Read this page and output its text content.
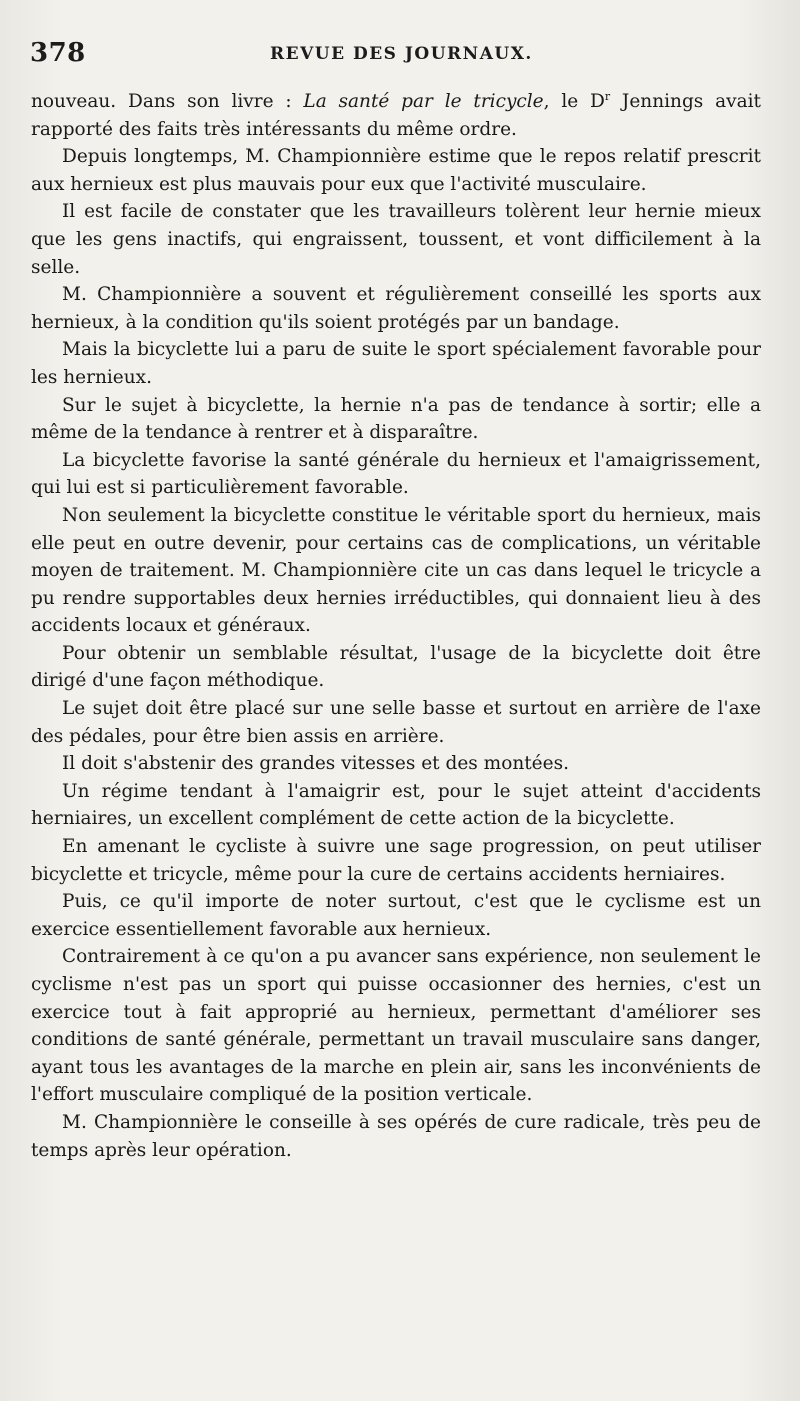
378	REVUE DES JOURNAUX.

nouveau. Dans son livre : La santé par le tricycle, le $D^r$ Jennings avait rapporté des faits très intéressants du même ordre.

Depuis longtemps, M. Championnière estime que le repos relatif prescrit aux hernieux est plus mauvais pour eux que l'activité musculaire.

Il est facile de constater que les travailleurs tolèrent leur hernie mieux que les gens inactifs, qui engraissent, toussent, et vont difficilement à la selle.

M. Championnière a souvent et régulièrement conseillé les sports aux hernieux, à la condition qu'ils soient protégés par un bandage.

Mais la bicyclette lui a paru de suite le sport spécialement favorable pour les hernieux.

Sur le sujet à bicyclette, la hernie n'a pas de tendance à sortir; elle a même de la tendance à rentrer et à disparaître.

La bicyclette favorise la santé générale du hernieux et l'amaigrissement, qui lui est si particulièrement favorable.

Non seulement la bicyclette constitue le véritable sport du hernieux, mais elle peut en outre devenir, pour certains cas de complications, un véritable moyen de traitement. M. Championnière cite un cas dans lequel le tricycle a pu rendre supportables deux hernies irréductibles, qui donnaient lieu à des accidents locaux et généraux.

Pour obtenir un semblable résultat, l'usage de la bicyclette doit être dirigé d'une façon méthodique.

Le sujet doit être placé sur une selle basse et surtout en arrière de l'axe des pédales, pour être bien assis en arrière.

Il doit s'abstenir des grandes vitesses et des montées.

Un régime tendant à l'amaigrir est, pour le sujet atteint d'accidents herniaires, un excellent complément de cette action de la bicyclette.

En amenant le cycliste à suivre une sage progression, on peut utiliser bicyclette et tricycle, même pour la cure de certains accidents herniaires.

Puis, ce qu'il importe de noter surtout, c'est que le cyclisme est un exercice essentiellement favorable aux hernieux.

Contrairement à ce qu'on a pu avancer sans expérience, non seulement le cyclisme n'est pas un sport qui puisse occasionner des hernies, c'est un exercice tout à fait approprié au hernieux, permettant d'améliorer ses conditions de santé générale, permettant un travail musculaire sans danger, ayant tous les avantages de la marche en plein air, sans les inconvénients de l'effort musculaire compliqué de la position verticale.

M. Championnière le conseille à ses opérés de cure radicale, très peu de temps après leur opération.
